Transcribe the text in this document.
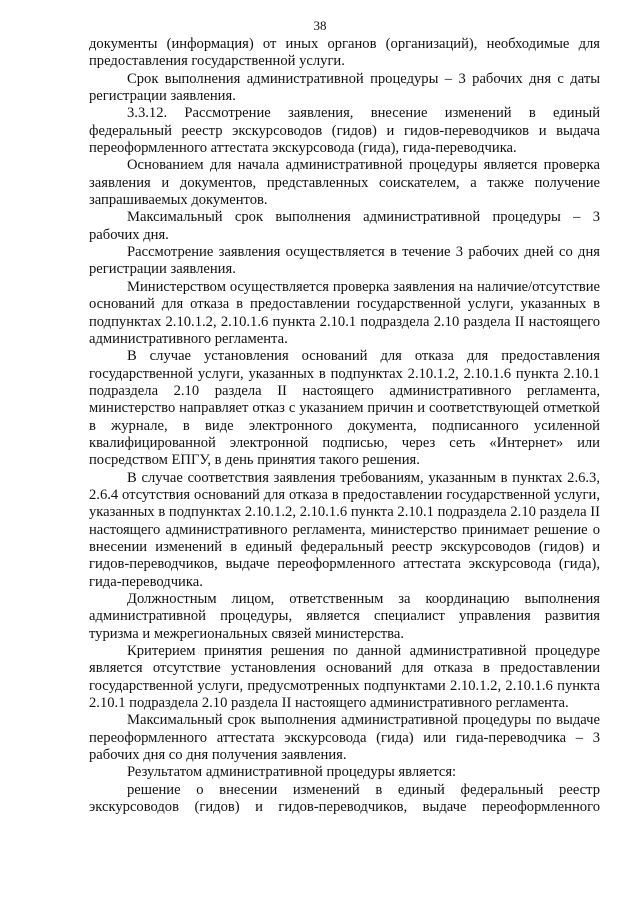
38

документы (информация) от иных органов (организаций), необходимые для предоставления государственной услуги.

Срок выполнения административной процедуры – 3 рабочих дня с даты регистрации заявления.

3.3.12. Рассмотрение заявления, внесение изменений в единый федеральный реестр экскурсоводов (гидов) и гидов-переводчиков и выдача переоформленного аттестата экскурсовода (гида), гида-переводчика.

Основанием для начала административной процедуры является проверка заявления и документов, представленных соискателем, а также получение запрашиваемых документов.

Максимальный срок выполнения административной процедуры – 3 рабочих дня.

Рассмотрение заявления осуществляется в течение 3 рабочих дней со дня регистрации заявления.

Министерством осуществляется проверка заявления на наличие/отсутствие оснований для отказа в предоставлении государственной услуги, указанных в подпунктах 2.10.1.2, 2.10.1.6 пункта 2.10.1 подраздела 2.10 раздела II настоящего административного регламента.

В случае установления оснований для отказа для предоставления государственной услуги, указанных в подпунктах 2.10.1.2, 2.10.1.6 пункта 2.10.1 подраздела 2.10 раздела II настоящего административного регламента, министерство направляет отказ с указанием причин и соответствующей отметкой в журнале, в виде электронного документа, подписанного усиленной квалифицированной электронной подписью, через сеть «Интернет» или посредством ЕПГУ, в день принятия такого решения.

В случае соответствия заявления требованиям, указанным в пунктах 2.6.3, 2.6.4 отсутствия оснований для отказа в предоставлении государственной услуги, указанных в подпунктах 2.10.1.2, 2.10.1.6 пункта 2.10.1 подраздела 2.10 раздела II настоящего административного регламента, министерство принимает решение о внесении изменений в единый федеральный реестр экскурсоводов (гидов) и гидов-переводчиков, выдаче переоформленного аттестата экскурсовода (гида), гида-переводчика.

Должностным лицом, ответственным за координацию выполнения административной процедуры, является специалист управления развития туризма и межрегиональных связей министерства.

Критерием принятия решения по данной административной процедуре является отсутствие установления оснований для отказа в предоставлении государственной услуги, предусмотренных подпунктами 2.10.1.2, 2.10.1.6 пункта 2.10.1 подраздела 2.10 раздела II настоящего административного регламента.

Максимальный срок выполнения административной процедуры по выдаче переоформленного аттестата экскурсовода (гида) или гида-переводчика – 3 рабочих дня со дня получения заявления.

Результатом административной процедуры является:

решение о внесении изменений в единый федеральный реестр экскурсоводов (гидов) и гидов-переводчиков, выдаче переоформленного
